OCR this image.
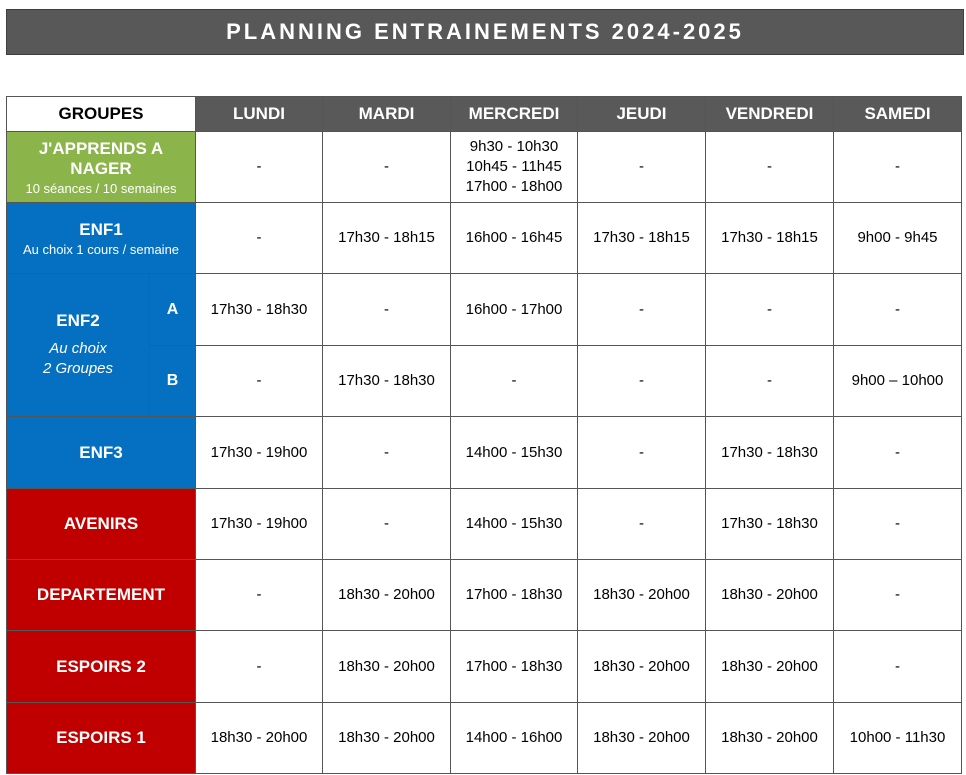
PLANNING ENTRAINEMENTS 2024-2025
GROUPES		LUNDI	MARDI	MERCREDI	JEUDI	VENDREDI	SAMEDI
J'APPRENDS A NAGER
10 séances / 10 semaines		-	-	9h30 - 10h30
10h45 - 11h45
17h00 - 18h00	-	-	-
ENF1
Au choix 1 cours / semaine		-	17h30 - 18h15	16h00 - 16h45	17h30 - 18h15	17h30 - 18h15	9h00 - 9h45
ENF2
Au choix
2 Groupes	A	17h30 - 18h30	-	16h00 - 17h00	-	-	-
	B	-	17h30 - 18h30	-	-	-	9h00 – 10h00
ENF3		17h30 - 19h00	-	14h00 - 15h30	-	17h30 - 18h30	-
AVENIRS		17h30 - 19h00	-	14h00 - 15h30	-	17h30 - 18h30	-
DEPARTEMENT		-	18h30 - 20h00	17h00 - 18h30	18h30 - 20h00	18h30 - 20h00	-
ESPOIRS 2		-	18h30 - 20h00	17h00 - 18h30	18h30 - 20h00	18h30 - 20h00	-
ESPOIRS 1		18h30 - 20h00	18h30 - 20h00	14h00 - 16h00	18h30 - 20h00	18h30 - 20h00	10h00 - 11h30
